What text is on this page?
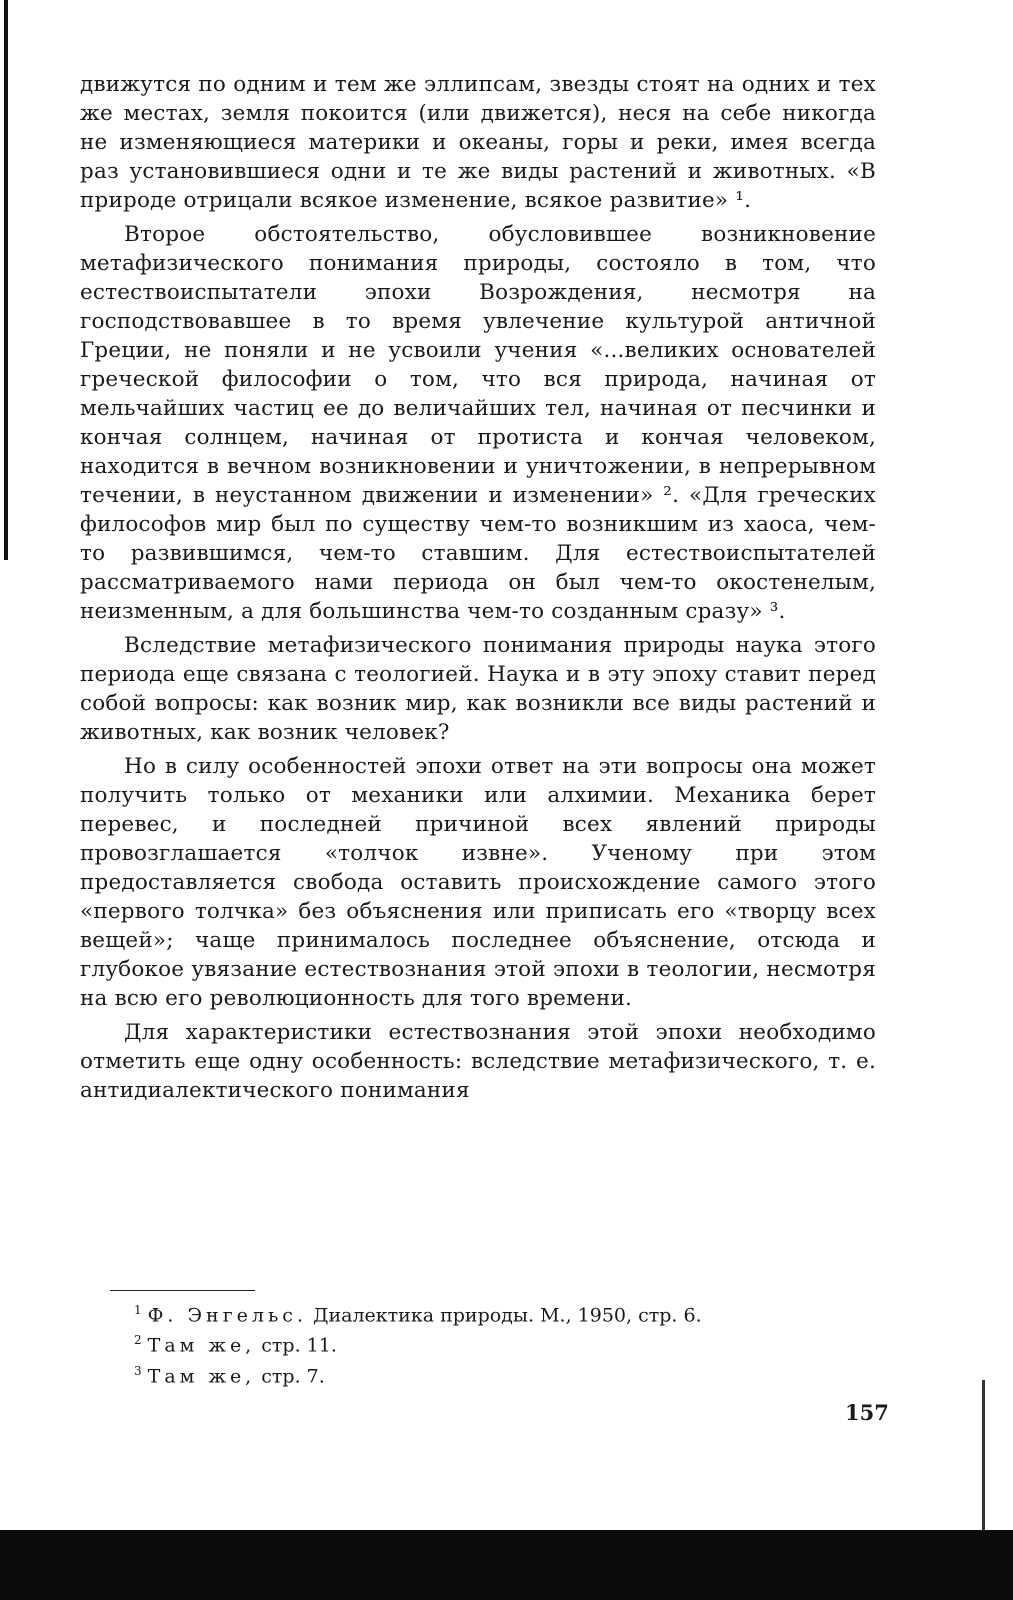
движутся по одним и тем же эллипсам, звезды стоят на одних и тех же местах, земля покоится (или движется), неся на себе никогда не изменяющиеся материки и океаны, горы и реки, имея всегда раз установившиеся одни и те же виды растений и животных. «В природе отрицали всякое изменение, всякое развитие» ¹.

Второе обстоятельство, обусловившее возникновение метафизического понимания природы, состояло в том, что естествоиспытатели эпохи Возрождения, несмотря на господствовавшее в то время увлечение культурой античной Греции, не поняли и не усвоили учения «...великих основателей греческой философии о том, что вся природа, начиная от мельчайших частиц ее до величайших тел, начиная от песчинки и кончая солнцем, начиная от протиста и кончая человеком, находится в вечном возникновении и уничтожении, в непрерывном течении, в неустанном движении и изменении» ². «Для греческих философов мир был по существу чем-то возникшим из хаоса, чем-то развившимся, чем-то ставшим. Для естествоиспытателей рассматриваемого нами периода он был чем-то окостенелым, неизменным, а для большинства чем-то созданным сразу» ³.

Вследствие метафизического понимания природы наука этого периода еще связана с теологией. Наука и в эту эпоху ставит перед собой вопросы: как возник мир, как возникли все виды растений и животных, как возник человек?

Но в силу особенностей эпохи ответ на эти вопросы она может получить только от механики или алхимии. Механика берет перевес, и последней причиной всех явлений природы провозглашается «толчок извне». Ученому при этом предоставляется свобода оставить происхождение самого этого «первого толчка» без объяснения или приписать его «творцу всех вещей»; чаще принималось последнее объяснение, отсюда и глубокое увязание естествознания этой эпохи в теологии, несмотря на всю его революционность для того времени.

Для характеристики естествознания этой эпохи необходимо отметить еще одну особенность: вследствие метафизического, т. е. антидиалектического понимания

$^1$ Ф. Энгельс. Диалектика природы. М., 1950, стр. 6.
$^2$ Там же, стр. 11.
$^3$ Там же, стр. 7.
157
